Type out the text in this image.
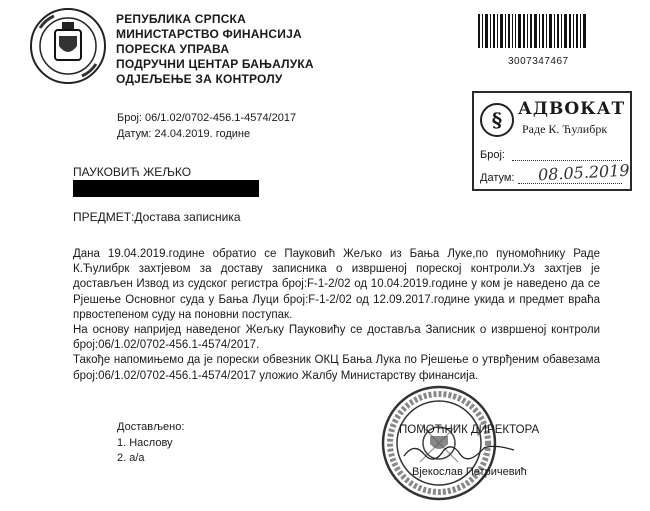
РЕПУБЛИКА СРПСКА
МИНИСТАРСТВО ФИНАНСИЈА
ПОРЕСКА УПРАВА
ПОДРУЧНИ ЦЕНТАР БАЊАЛУКА
ОДЈЕЉЕЊЕ ЗА КОНТРОЛУ
3007347467
Број: 06/1.02/0702-456.1-4574/2017
Датум: 24.04.2019. године
§ АДВОКАТ
Раде К. Ћулибрк
Број:
Датум: 08.05.2019
ПАУКОВИЋ ЖЕЉКО
ПРЕДМЕТ:Достава записника

Дана 19.04.2019.године обратио се Пауковић Жељко из Бања Луке,по пуномоћнику Раде К.Ћулибрк захтјевом за доставу записника о извршеној пореској контроли.Уз захтјев је достављен Извод из судског регистра број:F-1-2/02 од 10.04.2019.године у ком је наведено да се Рјешење Основног суда у Бања Луци број:F-1-2/02 од 12.09.2017.године укида и предмет враћа првостепеном суду на поновни поступак.

На основу напријед наведеног Жељку Пауковићу се доставља Записник о извршеној контроли број:06/1.02/0702-456.1-4574/2017.

Такође напомињемо да је порески обвезник ОКЦ Бања Лука по Рјешење о утврђеним обавезама број:06/1.02/0702-456.1-4574/2017 уложио Жалбу Министарству финансија.

Достављено:
1. Наслову
2. а/а
ПОМОЋНИК ДИРЕКТОРА
Вјекослав Петричевић
